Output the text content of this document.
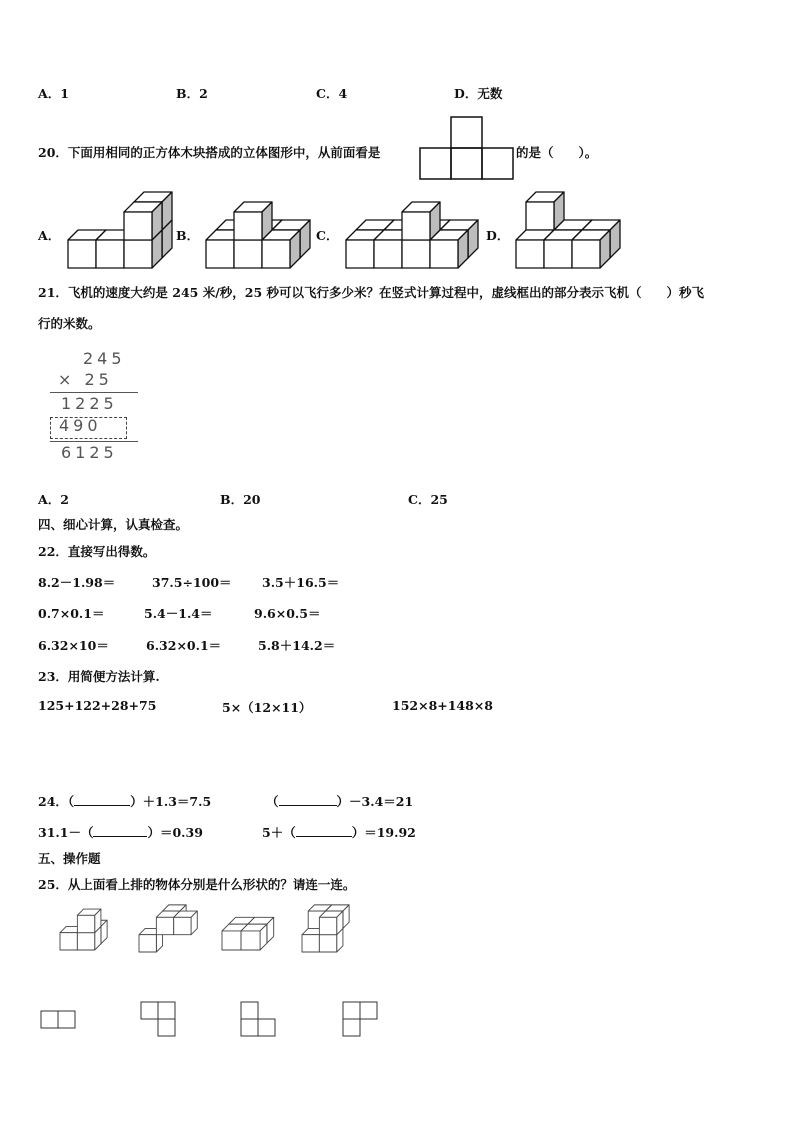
A．1	B．2	C．4	D．无数
20．下面用相同的正方体木块搭成的立体图形中，从前面看是	的是（　　）。
A．	B．	C．	D．
21．飞机的速度大约是 245 米/秒，25 秒可以飞行多少米？在竖式计算过程中，虚线框出的部分表示飞机（　　）秒飞
行的米数。
245
× 25
1225
490
6125
A．2	B．20	C．25
四、细心计算，认真检查。
22．直接写出得数。
8.2－1.98＝	37.5÷100＝ 3.5＋16.5＝
0.7×0.1＝	5.4－1.4＝	9.6×0.5＝
6.32×10＝	6.32×0.1＝	5.8＋14.2＝
23．用简便方法计算.
125+122+28+75	5×（12×11）	152×8+148×8
24．（	）＋1.3＝7.5	（	）－3.4＝21
31.1－（	）＝0.39	5＋（	）＝19.92
五、操作题
25．从上面看上排的物体分别是什么形状的？请连一连。
